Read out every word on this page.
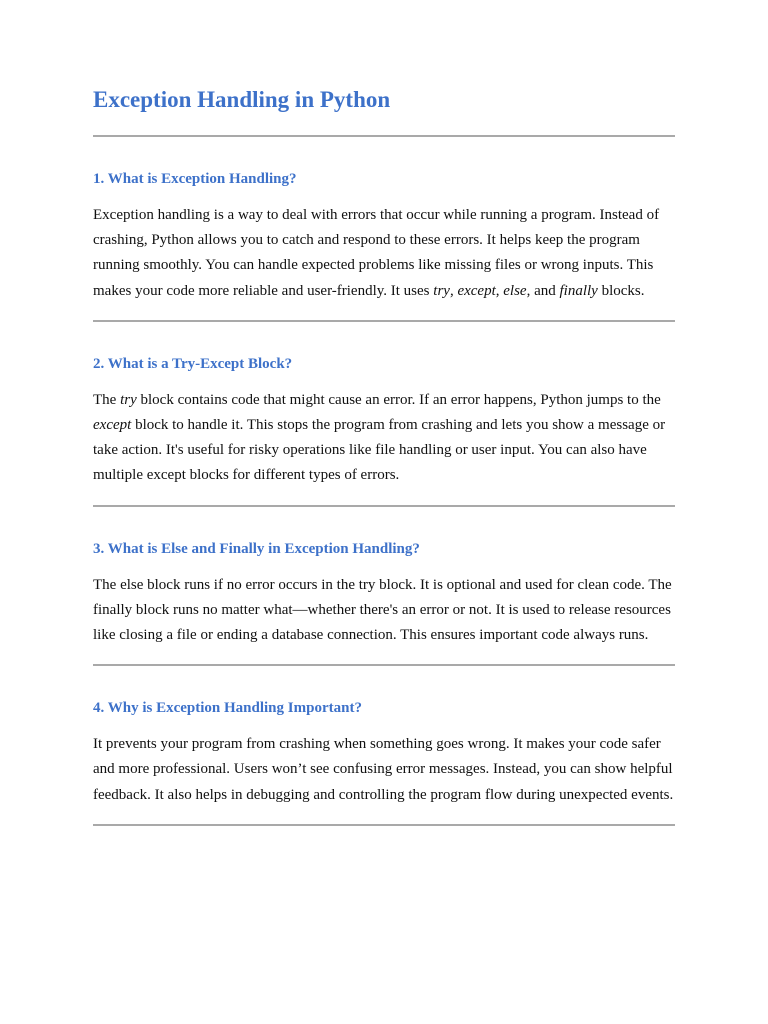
Exception Handling in Python
1. What is Exception Handling?

Exception handling is a way to deal with errors that occur while running a program. Instead of crashing, Python allows you to catch and respond to these errors. It helps keep the program running smoothly. You can handle expected problems like missing files or wrong inputs. This makes your code more reliable and user-friendly. It uses try, except, else, and finally blocks.

2. What is a Try-Except Block?

The try block contains code that might cause an error. If an error happens, Python jumps to the except block to handle it. This stops the program from crashing and lets you show a message or take action. It's useful for risky operations like file handling or user input. You can also have multiple except blocks for different types of errors.

3. What is Else and Finally in Exception Handling?

The else block runs if no error occurs in the try block. It is optional and used for clean code. The finally block runs no matter what—whether there's an error or not. It is used to release resources like closing a file or ending a database connection. This ensures important code always runs.

4. Why is Exception Handling Important?

It prevents your program from crashing when something goes wrong. It makes your code safer and more professional. Users won’t see confusing error messages. Instead, you can show helpful feedback. It also helps in debugging and controlling the program flow during unexpected events.
